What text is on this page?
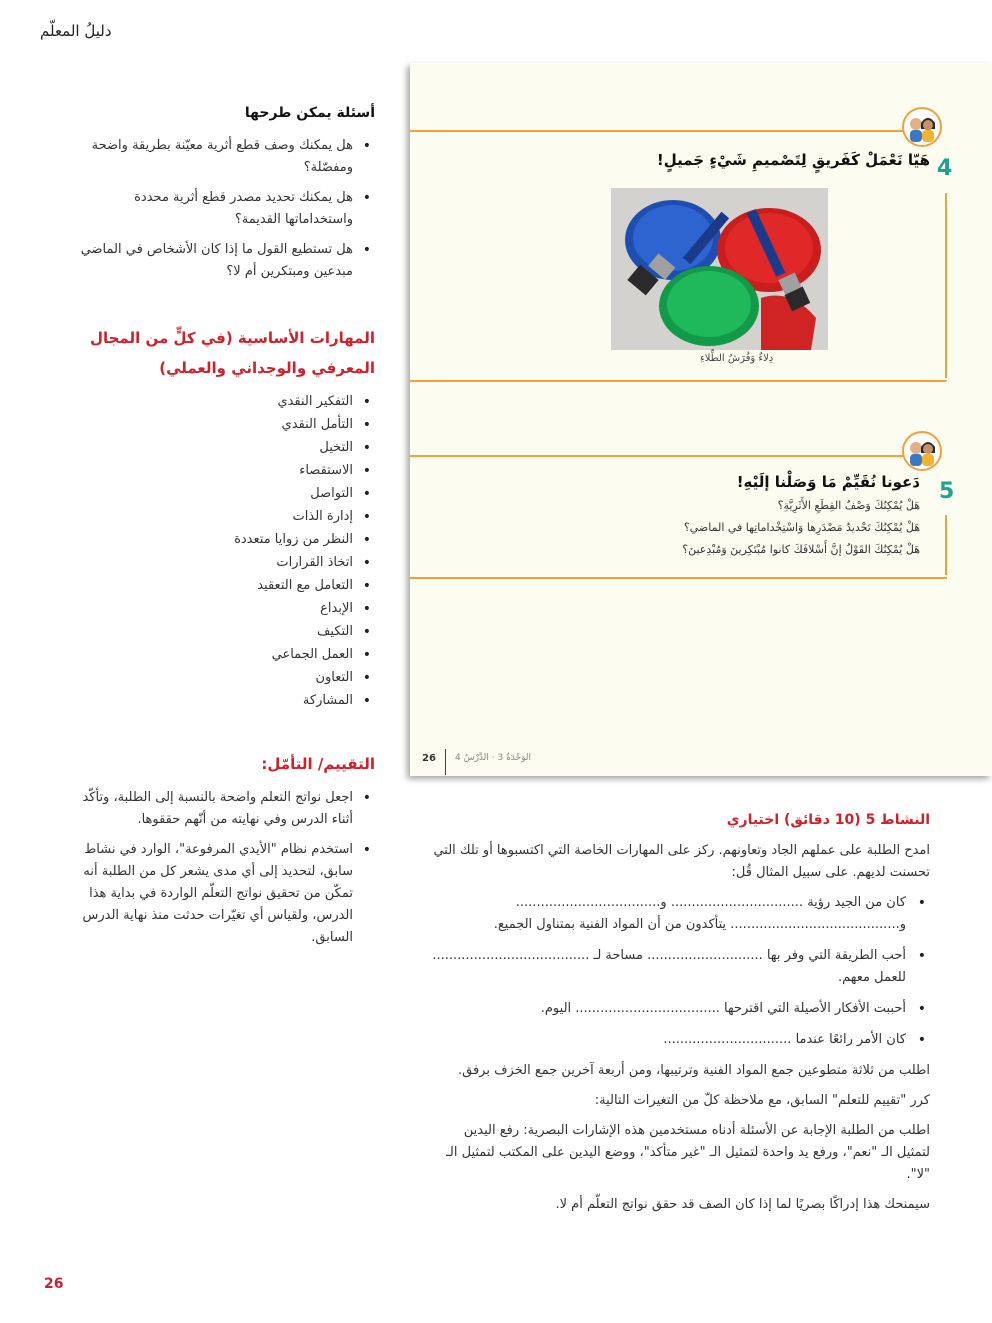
دليلُ المعلّم
أسئلة يمكن طرحها
• هل يمكنك وصف قطع أثرية معيّنة بطريقة واضحة ومفصّلة؟
• هل يمكنك تحديد مصدر قطع أثرية محددة واستخداماتها القديمة؟
• هل تستطيع القول ما إذا كان الأشخاص في الماضي مبدعين ومبتكرين أم لا؟
المهارات الأساسية (في كلٍّ من المجال المعرفي والوجداني والعملي)
• التفكير النقدي
• التأمل النقدي
• التخيل
• الاستقصاء
• التواصل
• إدارة الذات
• النظر من زوايا متعددة
• اتخاذ القرارات
• التعامل مع التعقيد
• الإبداع
• التكيف
• العمل الجماعي
• التعاون
• المشاركة
التقييم/ التأمّل:
• اجعل نواتج التعلم واضحة بالنسبة إلى الطلبة، وتأكّد أثناء الدرس وفي نهايته من أنّهم حققوها.
• استخدم نظام "الأيدي المرفوعة"، الوارد في نشاط سابق، لتحديد إلى أي مدى يشعر كل من الطلبة أنه تمكّن من تحقيق نواتج التعلّم الواردة في بداية هذا الدرس، ولقياس أي تغيّرات حدثت منذ نهاية الدرس السابق.
4
هَيّا نَعْمَلْ كَفَريقٍ لِتَصْميمِ شَيْءٍ جَميلٍ!
دِلاءٌ وَفُرَشُ الطِّلاءِ
5
دَعونا نُقَيِّمْ مَا وَصَلْنا إلَيْهِ!
هَلْ يُمْكِنُكَ وَصْفُ القِطَعِ الأَثَرِيَّةِ؟
هَلْ يُمْكِنُكَ تَحْديدُ مَصْدَرِها وَاسْتِخْداماتِها في الماضي؟
هَلْ يُمْكِنُكَ القَوْلُ إنَّ أَسْلافَكَ كانوا مُبْتَكِرينَ وَمُبْدِعينَ؟
26 الوَحْدَةُ 3 · الدَّرْسُ 4
النشاط 5 (10 دقائق) اختياري
امدح الطلبة على عملهم الجاد وتعاونهم. ركز على المهارات الخاصة التي اكتسبوها أو تلك التي تحسنت لديهم. على سبيل المثال قُل:
• كان من الجيد رؤية ................................ و................................... و......................................... يتأكدون من أن المواد الفنية بمتناول الجميع.
• أحب الطريقة التي وفر بها ............................ مساحة لـ ...................................... للعمل معهم.
• أحببت الأفكار الأصيلة التي اقترحها ................................... اليوم.
• كان الأمر رائعًا عندما ...............................
اطلب من ثلاثة متطوعين جمع المواد الفنية وترتيبها، ومن أربعة آخرين جمع الخزف برفق.
كرر "تقييم للتعلم" السابق، مع ملاحظة كلّ من التغيرات التالية:
اطلب من الطلبة الإجابة عن الأسئلة أدناه مستخدمين هذه الإشارات البصرية: رفع اليدين لتمثيل الـ "نعم"، ورفع يد واحدة لتمثيل الـ "غير متأكد"، ووضع اليدين على المكتب لتمثيل الـ "لا".
سيمنحك هذا إدراكًا بصريًا لما إذا كان الصف قد حقق نواتج التعلّم أم لا.
26
